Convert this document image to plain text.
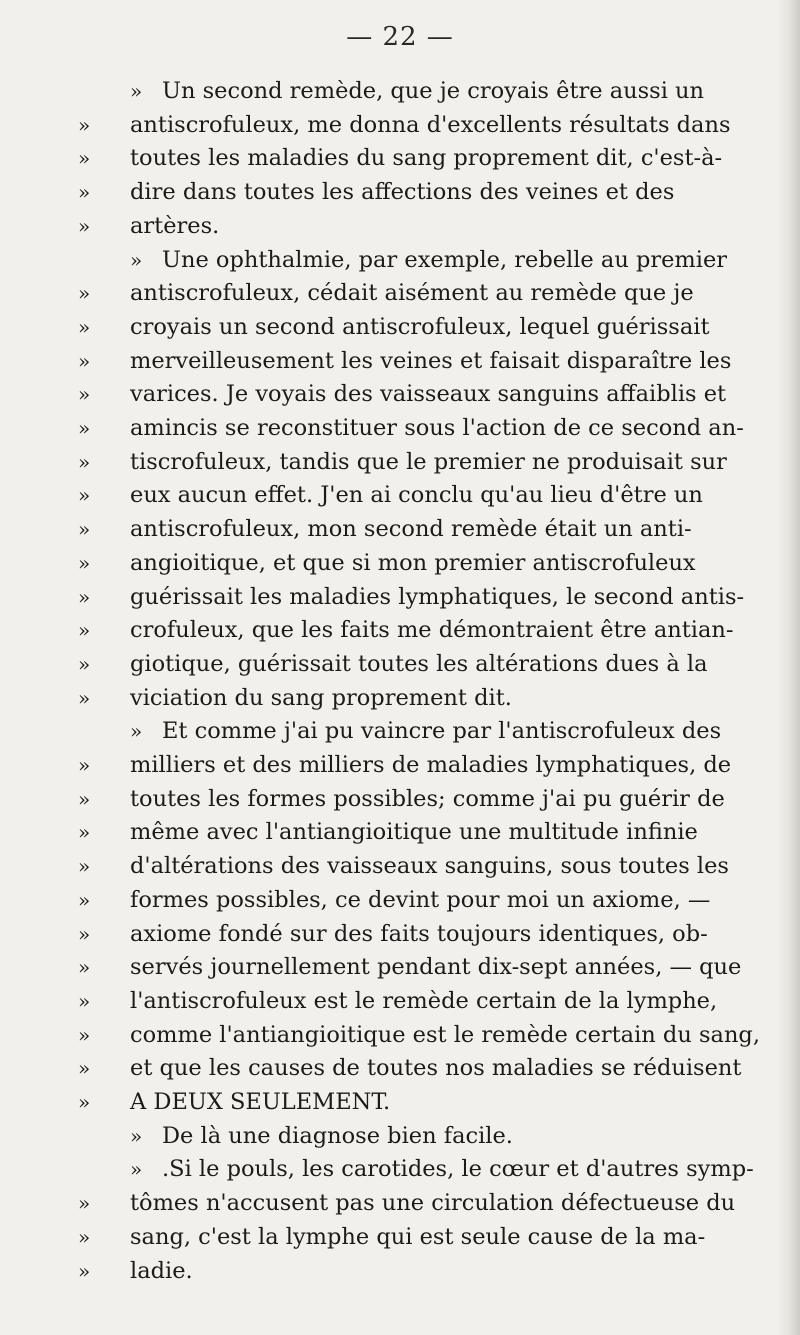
— 22 —
» Un second remède, que je croyais être aussi un
»	antiscrofuleux, me donna d'excellents résultats dans
»	toutes les maladies du sang proprement dit, c'est-à-
»	dire dans toutes les affections des veines et des
»	artères.
» Une ophthalmie, par exemple, rebelle au premier
»	antiscrofuleux, cédait aisément au remède que je
»	croyais un second antiscrofuleux, lequel guérissait
»	merveilleusement les veines et faisait disparaître les
»	varices. Je voyais des vaisseaux sanguins affaiblis et
»	amincis se reconstituer sous l'action de ce second an-
»	tiscrofuleux, tandis que le premier ne produisait sur
»	eux aucun effet. J'en ai conclu qu'au lieu d'être un
»	antiscrofuleux, mon second remède était un anti-
»	angioitique, et que si mon premier antiscrofuleux
»	guérissait les maladies lymphatiques, le second antis-
»	crofuleux, que les faits me démontraient être antian-
»	giotique, guérissait toutes les altérations dues à la
»	viciation du sang proprement dit.
» Et comme j'ai pu vaincre par l'antiscrofuleux des
»	milliers et des milliers de maladies lymphatiques, de
»	toutes les formes possibles; comme j'ai pu guérir de
»	même avec l'antiangioitique une multitude infinie
»	d'altérations des vaisseaux sanguins, sous toutes les
»	formes possibles, ce devint pour moi un axiome, —
»	axiome fondé sur des faits toujours identiques, ob-
»	servés journellement pendant dix-sept années, — que
»	l'antiscrofuleux est le remède certain de la lymphe,
»	comme l'antiangioitique est le remède certain du sang,
»	et que les causes de toutes nos maladies se réduisent
»	A DEUX SEULEMENT.
» De là une diagnose bien facile.
» .Si le pouls, les carotides, le cœur et d'autres symp-
»	tômes n'accusent pas une circulation défectueuse du
»	sang, c'est la lymphe qui est seule cause de la ma-
»	ladie.
